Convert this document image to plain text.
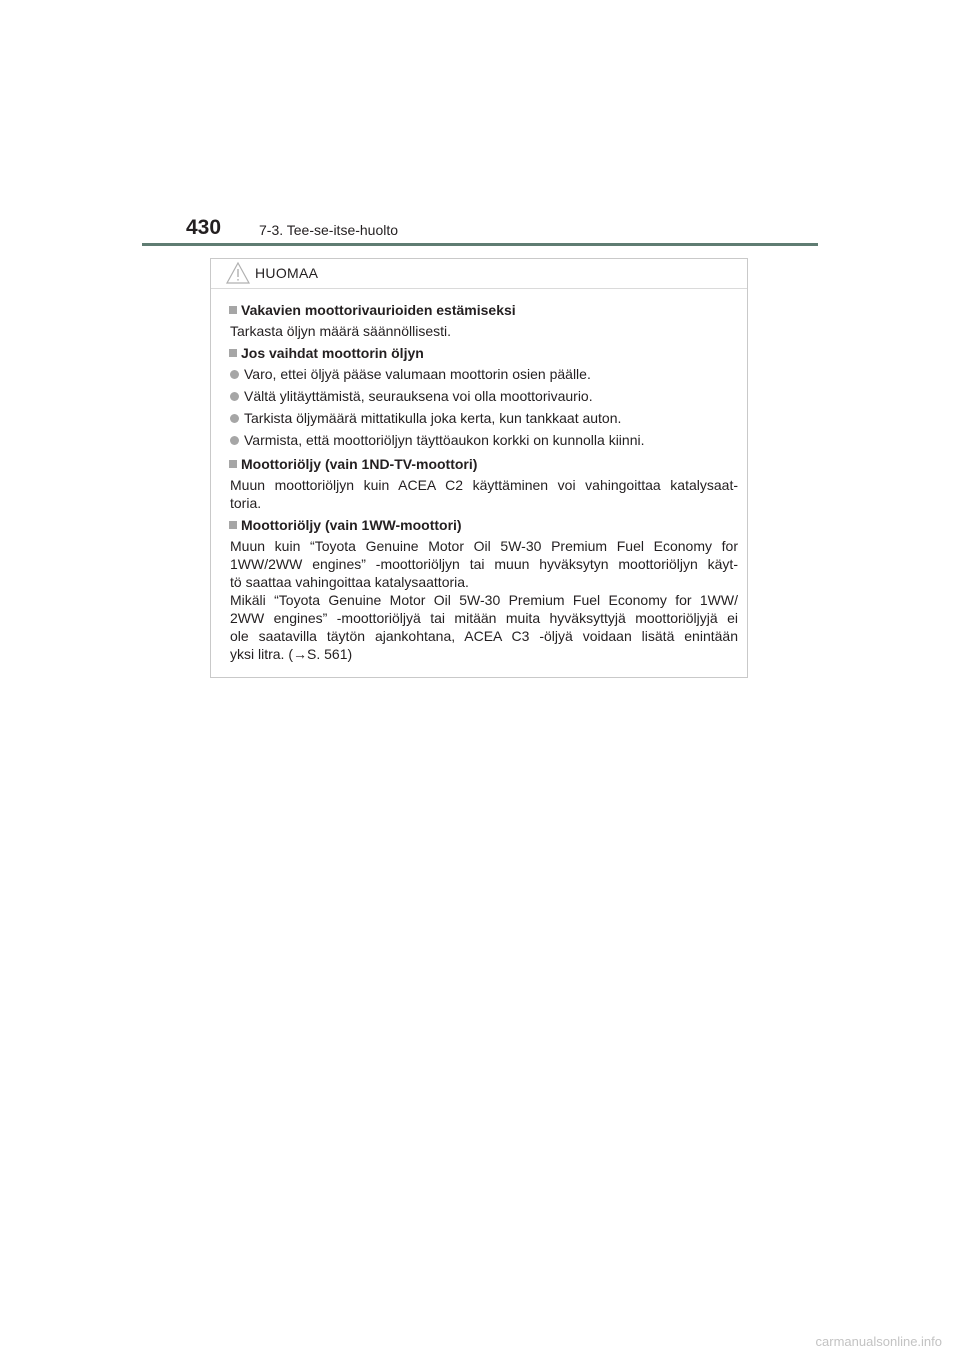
430	7-3. Tee-se-itse-huolto
HUOMAA
Vakavien moottorivaurioiden estämiseksi
Tarkasta öljyn määrä säännöllisesti.
Jos vaihdat moottorin öljyn
Varo, ettei öljyä pääse valumaan moottorin osien päälle.
Vältä ylitäyttämistä, seurauksena voi olla moottorivaurio.
Tarkista öljymäärä mittatikulla joka kerta, kun tankkaat auton.
Varmista, että moottoriöljyn täyttöaukon korkki on kunnolla kiinni.
Moottoriöljy (vain 1ND-TV-moottori)
Muun moottoriöljyn kuin ACEA C2 käyttäminen voi vahingoittaa katalysaat-
toria.
Moottoriöljy (vain 1WW-moottori)
Muun kuin “Toyota Genuine Motor Oil 5W-30 Premium Fuel Economy for
1WW/2WW engines” -moottoriöljyn tai muun hyväksytyn moottoriöljyn käyt-
tö saattaa vahingoittaa katalysaattoria.
Mikäli “Toyota Genuine Motor Oil 5W-30 Premium Fuel Economy for 1WW/
2WW engines” -moottoriöljyä tai mitään muita hyväksyttyjä moottoriöljyjä ei
ole saatavilla täytön ajankohtana, ACEA C3 -öljyä voidaan lisätä enintään
yksi litra. (→S. 561)
carmanualsonline.info
